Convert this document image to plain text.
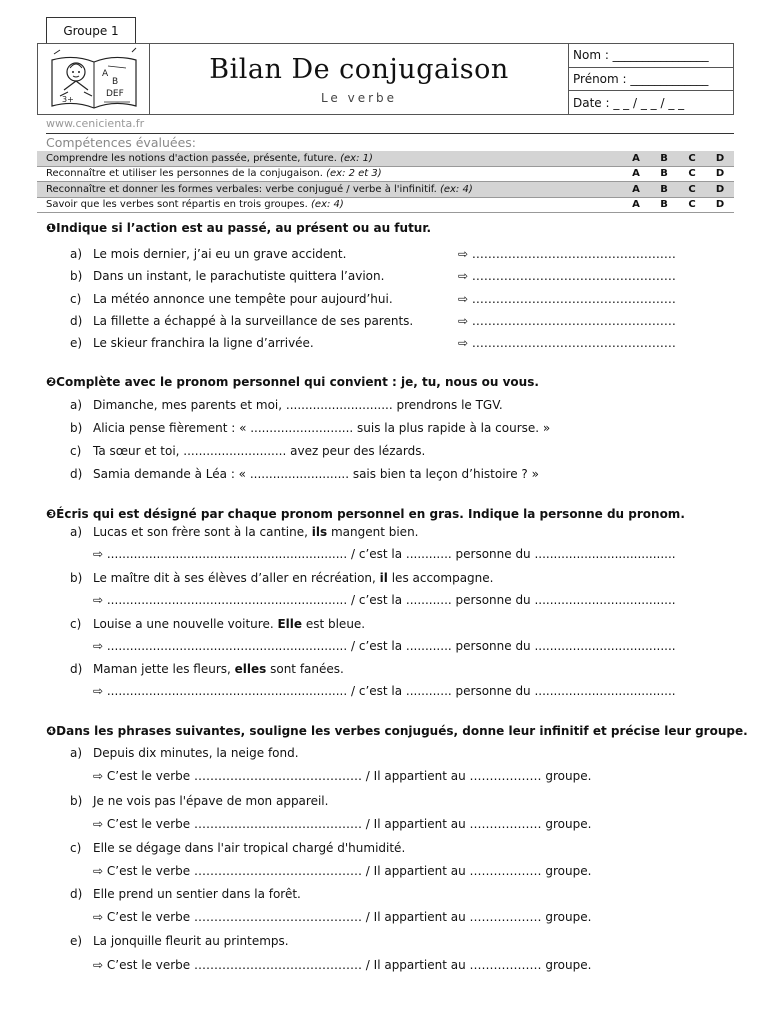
Groupe 1
A
B
DEF
3+
Bilan De conjugaison
Le verbe
Nom : ________________
Prénom : _____________
Date : _ _ / _ _ / _ _
www.cenicienta.fr
Compétences évaluées:
Comprendre les notions d'action passée, présente, future. (ex: 1)	A	B	C	D
Reconnaître et utiliser les personnes de la conjugaison. (ex: 2 et 3)	A	B	C	D
Reconnaître et donner les formes verbales: verbe conjugué / verbe à l'infinitif. (ex: 4)	A	B	C	D
Savoir que les verbes sont répartis en trois groupes. (ex: 4)	A	B	C	D
❶Indique si l’action est au passé, au présent ou au futur.
a) Le mois dernier, j’ai eu un grave accident.	⇨ ……………………………………………
b) Dans un instant, le parachutiste quittera l’avion.	⇨ ……………………………………………
c) La météo annonce une tempête pour aujourd’hui.	⇨ ……………………………………………
d) La fillette a échappé à la surveillance de ses parents.	⇨ ……………………………………………
e) Le skieur franchira la ligne d’arrivée.	⇨ ……………………………………………
❷Complète avec le pronom personnel qui convient : je, tu, nous ou vous.
a) Dimanche, mes parents et moi, ............................ prendrons le TGV.
b) Alicia pense fièrement : « ........................... suis la plus rapide à la course. »
c) Ta sœur et toi, ........................... avez peur des lézards.
d) Samia demande à Léa : « .......................... sais bien ta leçon d’histoire ? »
❸Écris qui est désigné par chaque pronom personnel en gras. Indique la personne du pronom.
a) Lucas et son frère sont à la cantine, ils mangent bien.
⇨ ............................................................... / c’est la ............ personne du .....................................
b) Le maître dit à ses élèves d’aller en récréation, il les accompagne.
⇨ ............................................................... / c’est la ............ personne du .....................................
c) Louise a une nouvelle voiture. Elle est bleue.
⇨ ............................................................... / c’est la ............ personne du .....................................
d) Maman jette les fleurs, elles sont fanées.
⇨ ............................................................... / c’est la ............ personne du .....................................
❹Dans les phrases suivantes, souligne les verbes conjugués, donne leur infinitif et précise leur groupe.
a) Depuis dix minutes, la neige fond.
⇨ C’est le verbe …………………………………… / Il appartient au ……………… groupe.
b) Je ne vois pas l'épave de mon appareil.
⇨ C’est le verbe …………………………………… / Il appartient au ……………… groupe.
c) Elle se dégage dans l'air tropical chargé d'humidité.
⇨ C’est le verbe …………………………………… / Il appartient au ……………… groupe.
d) Elle prend un sentier dans la forêt.
⇨ C’est le verbe …………………………………… / Il appartient au ……………… groupe.
e) La jonquille fleurit au printemps.
⇨ C’est le verbe …………………………………… / Il appartient au ……………… groupe.
